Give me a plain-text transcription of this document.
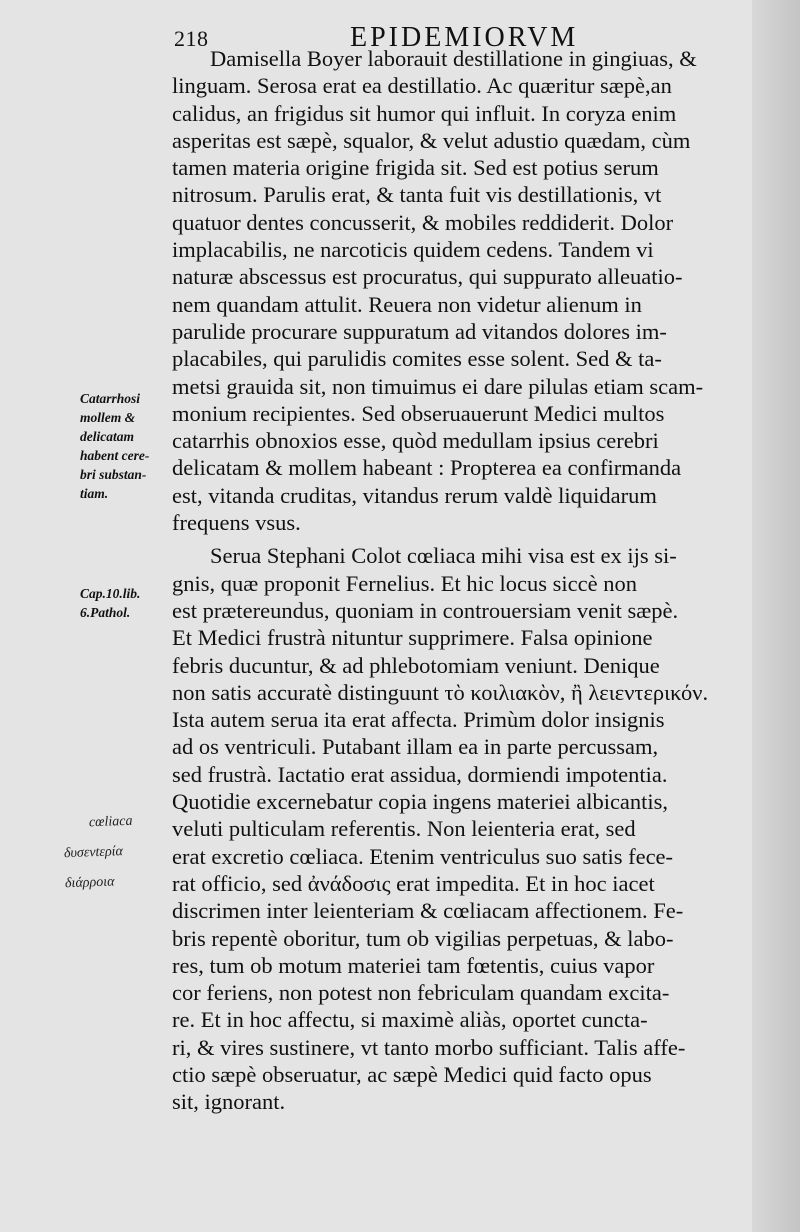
218	EPIDEMIORVM
Catarrhosi
mollem &
delicatam
habent cere-
bri substan-
tiam.
Cap.10.lib.
6.Pathol.
cœliaca
δυσενtερία
διάρροια
Damisella Boyer laborauit destillatione in gingiuas, &
linguam. Serosa erat ea destillatio. Ac quæritur sæpè,an
calidus, an frigidus sit humor qui influit. In coryza enim
asperitas est sæpè, squalor, & velut adustio quædam, cùm
tamen materia origine frigida sit. Sed est potius serum
nitrosum. Parulis erat, & tanta fuit vis destillationis, vt
quatuor dentes concusserit, & mobiles reddiderit. Dolor
implacabilis, ne narcoticis quidem cedens. Tandem vi
naturæ abscessus est procuratus, qui suppurato alleuatio-
nem quandam attulit. Reuera non videtur alienum in
parulide procurare suppuratum ad vitandos dolores im-
placabiles, qui parulidis comites esse solent. Sed & ta-
metsi grauida sit, non timuimus ei dare pilulas etiam scam-
monium recipientes. Sed obseruauerunt Medici multos
catarrhis obnoxios esse, quòd medullam ipsius cerebri
delicatam & mollem habeant : Propterea ea confirmanda
est, vitanda cruditas, vitandus rerum valdè liquidarum
frequens vsus.
Serua Stephani Colot cœliaca mihi visa est ex ijs si-
gnis, quæ proponit Fernelius. Et hic locus siccè non
est prætereundus, quoniam in controuersiam venit sæpè.
Et Medici frustrà nituntur supprimere. Falsa opinione
febris ducuntur, & ad phlebotomiam veniunt. Denique
non satis accuratè distinguunt τὸ κοιλιακὸν, ἢ λειεντερικόν.
Ista autem serua ita erat affecta. Primùm dolor insignis
ad os ventriculi. Putabant illam ea in parte percussam,
sed frustrà. Iactatio erat assidua, dormiendi impotentia.
Quotidie excernebatur copia ingens materiei albicantis,
veluti pulticulam referentis. Non leienteria erat, sed
erat excretio cœliaca. Etenim ventriculus suo satis fece-
rat officio, sed ἀνάδοσις erat impedita. Et in hoc iacet
discrimen inter leienteriam & cœliacam affectionem. Fe-
bris repentè oboritur, tum ob vigilias perpetuas, & labo-
res, tum ob motum materiei tam fœtentis, cuius vapor
cor feriens, non potest non febriculam quandam excita-
re. Et in hoc affectu, si maximè aliàs, oportet cuncta-
ri, & vires sustinere, vt tanto morbo sufficiant. Talis affe-
ctio sæpè obseruatur, ac sæpè Medici quid facto opus
sit, ignorant.
